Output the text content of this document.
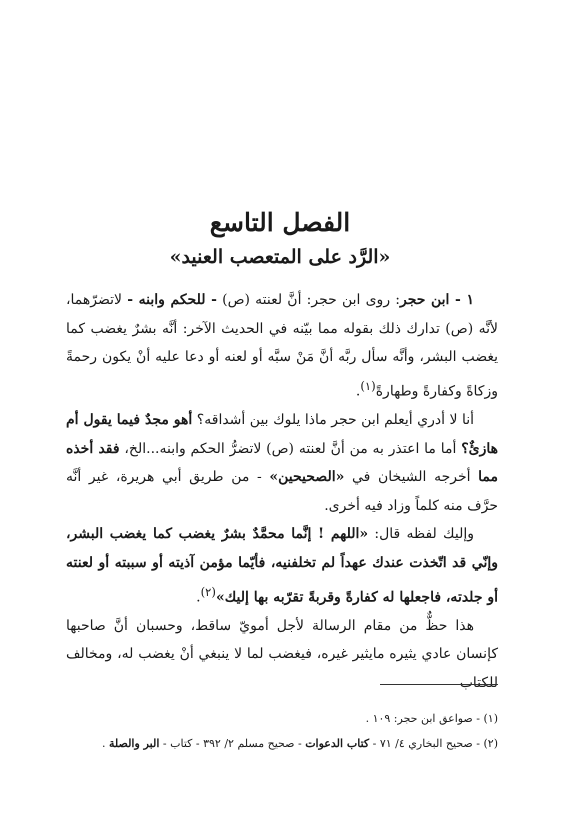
الفصل التاسع
«الرَّد على المتعصب العنيد»

١ - ابن حجر: روى ابن حجر: أنَّ لعنته (ص) - للحكم وابنه - لاتضرّهما، لأنَّه (ص) تدارك ذلك بقوله مما بيّنه في الحديث الآخر: أنَّه بشرٌ يغضب كما يغضب البشر، وأنَّه سأل ربَّه أنَّ مَنْ سبَّه أو لعنه أو دعا عليه أنْ يكون رحمةً وزكاةً وكفارةً وطهارةً$^{(١)}$.

أنا لا أدري أيعلم ابن حجر ماذا يلوك بين أشداقه؟ أهو مجدٌ فيما يقول أم هازئٌ؟ أما ما اعتذر به من أنَّ لعنته (ص) لاتضرُّ الحكم وابنه...الخ، فقد أخذه مما أخرجه الشيخان في «الصحيحين» - من طريق أبي هريرة، غير أنَّه حرَّف منه كلماً وزاد فيه أخرى.

وإليك لفظه قال: «اللهم ! إنَّما محمَّدٌ بشرٌ يغضب كما يغضب البشر، وإنّي قد اتّخذت عندك عهداً لم تخلفنيه، فأيّما مؤمن آذيته أو سببته أو لعنته أو جلدته، فاجعلها له كفارةً وقربةً تقرّبه بها إليك»$^{(٢)}$.

هذا حظٌّ من مقام الرسالة لأجل أمويّ ساقط، وحسبان أنَّ صاحبها كإنسان عادي يثيره مايثير غيره، فيغضب لما لا ينبغي أنْ يغضب له، ومخالف للكتاب

(١) - صواعق ابن حجر: ١٠٩ .
(٢) - صحيح البخاري ٤/ ٧١ - كتاب الدعوات - صحيح مسلم ٢/ ٣٩٢ - كتاب - البر والصلة .
